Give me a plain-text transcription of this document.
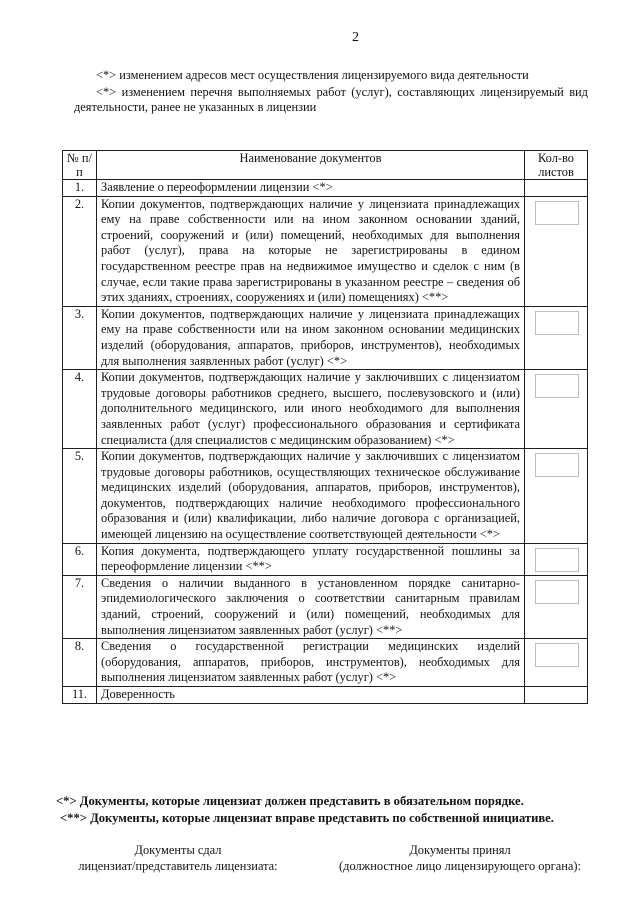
2

<*> изменением адресов мест осуществления лицензируемого вида деятельности

<*> изменением перечня выполняемых работ (услуг), составляющих лицензируемый вид деятельности, ранее не указанных в лицензии

№ п/п	Наименование документов	Кол-во листов
1.	Заявление о переоформлении лицензии <*>	
2.	Копии документов, подтверждающих наличие у лицензиата принадлежащих ему на праве собственности или на ином законном основании зданий, строений, сооружений и (или) помещений, необходимых для выполнения работ (услуг), права на которые не зарегистрированы в едином государственном реестре прав на недвижимое имущество и сделок с ним (в случае, если такие права зарегистрированы в указанном реестре – сведения об этих зданиях, строениях, сооружениях и (или) помещениях) <**>	

3.	Копии документов, подтверждающих наличие у лицензиата принадлежащих ему на праве собственности или на ином законном основании медицинских изделий (оборудования, аппаратов, приборов, инструментов), необходимых для выполнения заявленных работ (услуг) <*>	

4.	Копии документов, подтверждающих наличие у заключивших с лицензиатом трудовые договоры работников среднего, высшего, послевузовского и (или) дополнительного медицинского, или иного необходимого для выполнения заявленных работ (услуг) профессионального образования и сертификата специалиста (для специалистов с медицинским образованием) <*>	

5.	Копии документов, подтверждающих наличие у заключивших с лицензиатом трудовые договоры работников, осуществляющих техническое обслуживание медицинских изделий (оборудования, аппаратов, приборов, инструментов), документов, подтверждающих наличие необходимого профессионального образования и (или) квалификации, либо наличие договора с организацией, имеющей лицензию на осуществление соответствующей деятельности <*>	

6.	Копия документа, подтверждающего уплату государственной пошлины за переоформление лицензии <**>	

7.	Сведения о наличии выданного в установленном порядке санитарно-эпидемиологического заключения о соответствии санитарным правилам зданий, строений, сооружений и (или) помещений, необходимых для выполнения лицензиатом заявленных работ (услуг) <**>	

8.	Сведения о государственной регистрации медицинских изделий (оборудования, аппаратов, приборов, инструментов), необходимых для выполнения лицензиатом заявленных работ (услуг) <*>	

11.	Доверенность	
<*> Документы, которые лицензиат должен представить в обязательном порядке.
<**> Документы, которые лицензиат вправе представить по собственной инициативе.
Документы сдал
лицензиат/представитель лицензиата:
Документы принял
(должностное лицо лицензирующего органа):
